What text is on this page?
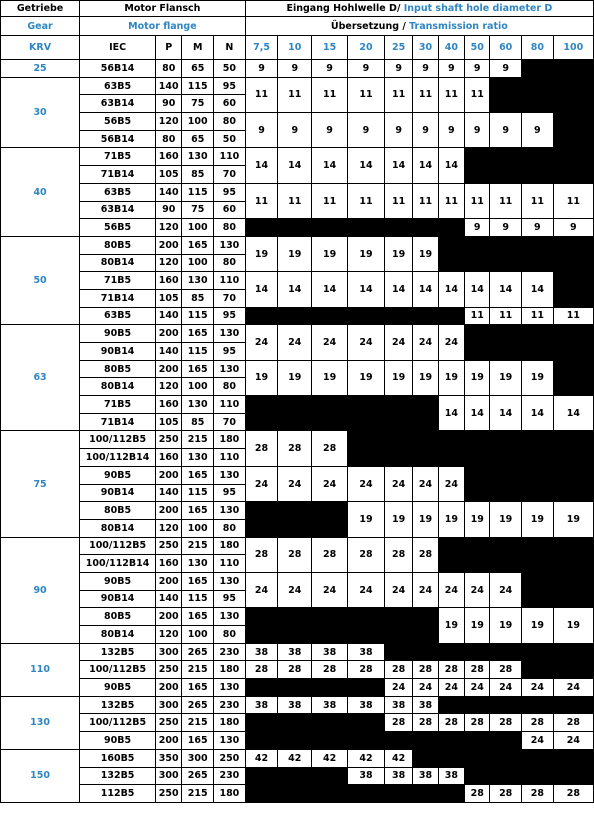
Getriebe	Motor Flansch				Eingang Hohlwelle D/ Input shaft hole diameter D										
Gear	Motor flange				Übersetzung / Transmission ratio										
KRV	IEC	P	M	N	7,5	10	15	20	25	30	40	50	60	80	100
25	56B14	80	65	50	9	9	9	9	9	9	9	9	9		
30	63B5	140	115	95	11	11	11	11	11	11	11	11			
	63B14	90	75	60											
	56B5	120	100	80	9	9	9	9	9	9	9	9	9	9	
	56B14	80	65	50											
40	71B5	160	130	110	14	14	14	14	14	14	14				
	71B14	105	85	70											
	63B5	140	115	95	11	11	11	11	11	11	11	11	11	11	11
	63B14	90	75	60											
	56B5	120	100	80								9	9	9	9
50	80B5	200	165	130	19	19	19	19	19	19					
	80B14	120	100	80											
	71B5	160	130	110	14	14	14	14	14	14	14	14	14	14	
	71B14	105	85	70											
	63B5	140	115	95								11	11	11	11
63	90B5	200	165	130	24	24	24	24	24	24	24				
	90B14	140	115	95											
	80B5	200	165	130	19	19	19	19	19	19	19	19	19	19	
	80B14	120	100	80											
	71B5	160	130	110							14	14	14	14	14
	71B14	105	85	70											
75	100/112B5	250	215	180	28	28	28								
	100/112B14	160	130	110											
	90B5	200	165	130	24	24	24	24	24	24	24				
	90B14	140	115	95											
	80B5	200	165	130				19	19	19	19	19	19	19	19
	80B14	120	100	80											
90	100/112B5	250	215	180	28	28	28	28	28	28					
	100/112B14	160	130	110											
	90B5	200	165	130	24	24	24	24	24	24	24	24	24		
	90B14	140	115	95											
	80B5	200	165	130							19	19	19	19	19
	80B14	120	100	80											
110	132B5	300	265	230	38	38	38	38							
	100/112B5	250	215	180	28	28	28	28	28	28	28	28	28		
	90B5	200	165	130					24	24	24	24	24	24	24
130	132B5	300	265	230	38	38	38	38	38	38					
	100/112B5	250	215	180					28	28	28	28	28	28	28
	90B5	200	165	130										24	24
150	160B5	350	300	250	42	42	42	42	42						
	132B5	300	265	230				38	38	38	38				
	112B5	250	215	180								28	28	28	28
